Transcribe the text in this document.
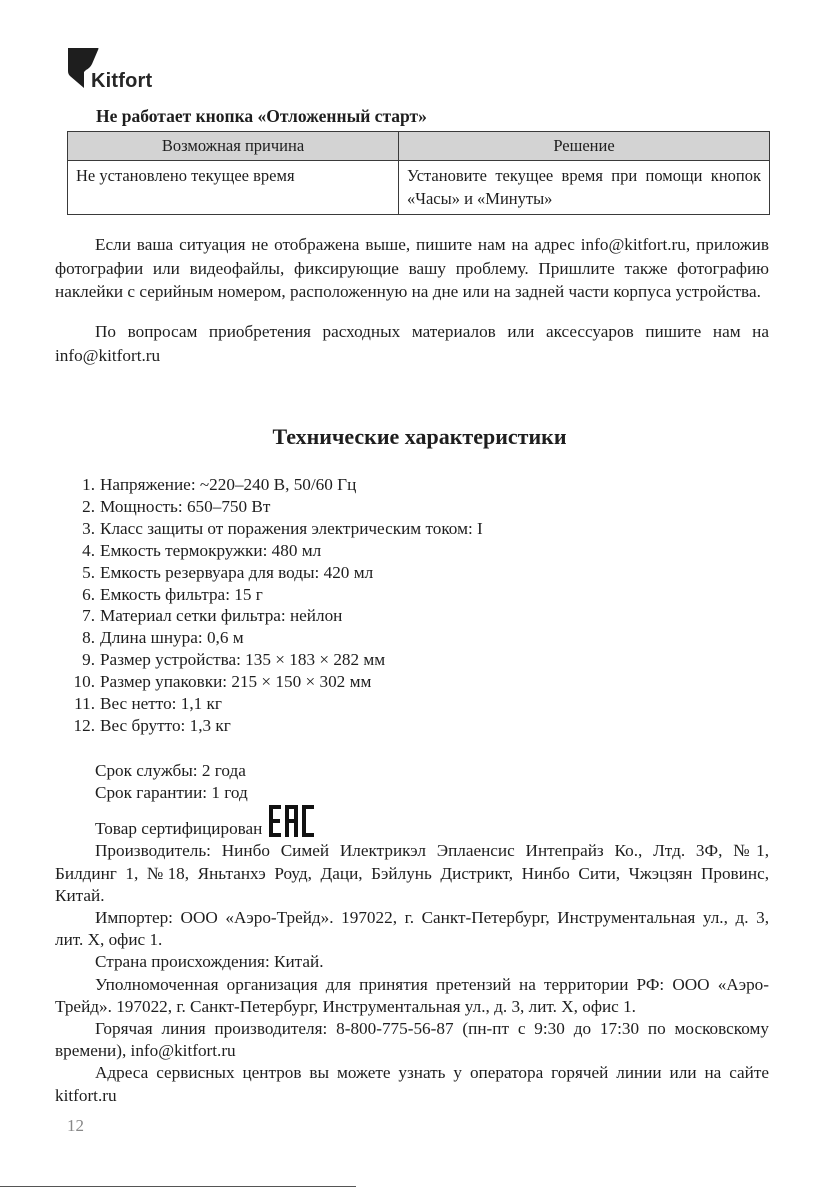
Kitfort
Не работает кнопка «Отложенный старт»
Возможная причина	Решение
Не установлено текущее время	Установите текущее время при помощи кнопок «Часы» и «Минуты»

Если ваша ситуация не отображена выше, пишите нам на адрес info@kitfort.ru, приложив фотографии или видеофайлы, фиксирующие вашу проблему. Пришлите также фотографию наклейки с серийным номером, расположенную на дне или на задней части корпуса устройства.

По вопросам приобретения расходных материалов или аксессуаров пишите нам на info@kitfort.ru

Технические характеристики
1. Напряжение: ~220–240 В, 50/60 Гц
2. Мощность: 650–750 Вт
3. Класс защиты от поражения электрическим током: I
4. Емкость термокружки: 480 мл
5. Емкость резервуара для воды: 420 мл
6. Емкость фильтра: 15 г
7. Материал сетки фильтра: нейлон
8. Длина шнура: 0,6 м
9. Размер устройства: 135 × 183 × 282 мм
10. Размер упаковки: 215 × 150 × 302 мм
11. Вес нетто: 1,1 кг
12. Вес брутто: 1,3 кг

Срок службы: 2 года

Срок гарантии: 1 год

Товар сертифицирован

Производитель: Нинбо Симей Илектрикэл Эплаенсис Интепрайз Ко., Лтд. 3Ф, №1, Билдинг 1, №18, Яньтанхэ Роуд, Даци, Бэйлунь Дистрикт, Нинбо Сити, Чжэцзян Провинс, Китай.

Импортер: ООО «Аэро-Трейд». 197022, г. Санкт-Петербург, Инструментальная ул., д. 3, лит. Х, офис 1.

Страна происхождения: Китай.

Уполномоченная организация для принятия претензий на территории РФ: ООО «Аэро-Трейд». 197022, г. Санкт-Петербург, Инструментальная ул., д. 3, лит. Х, офис 1.

Горячая линия производителя: 8-800-775-56-87 (пн-пт с 9:30 до 17:30 по московскому времени), info@kitfort.ru

Адреса сервисных центров вы можете узнать у оператора горячей линии или на сайте kitfort.ru

12
